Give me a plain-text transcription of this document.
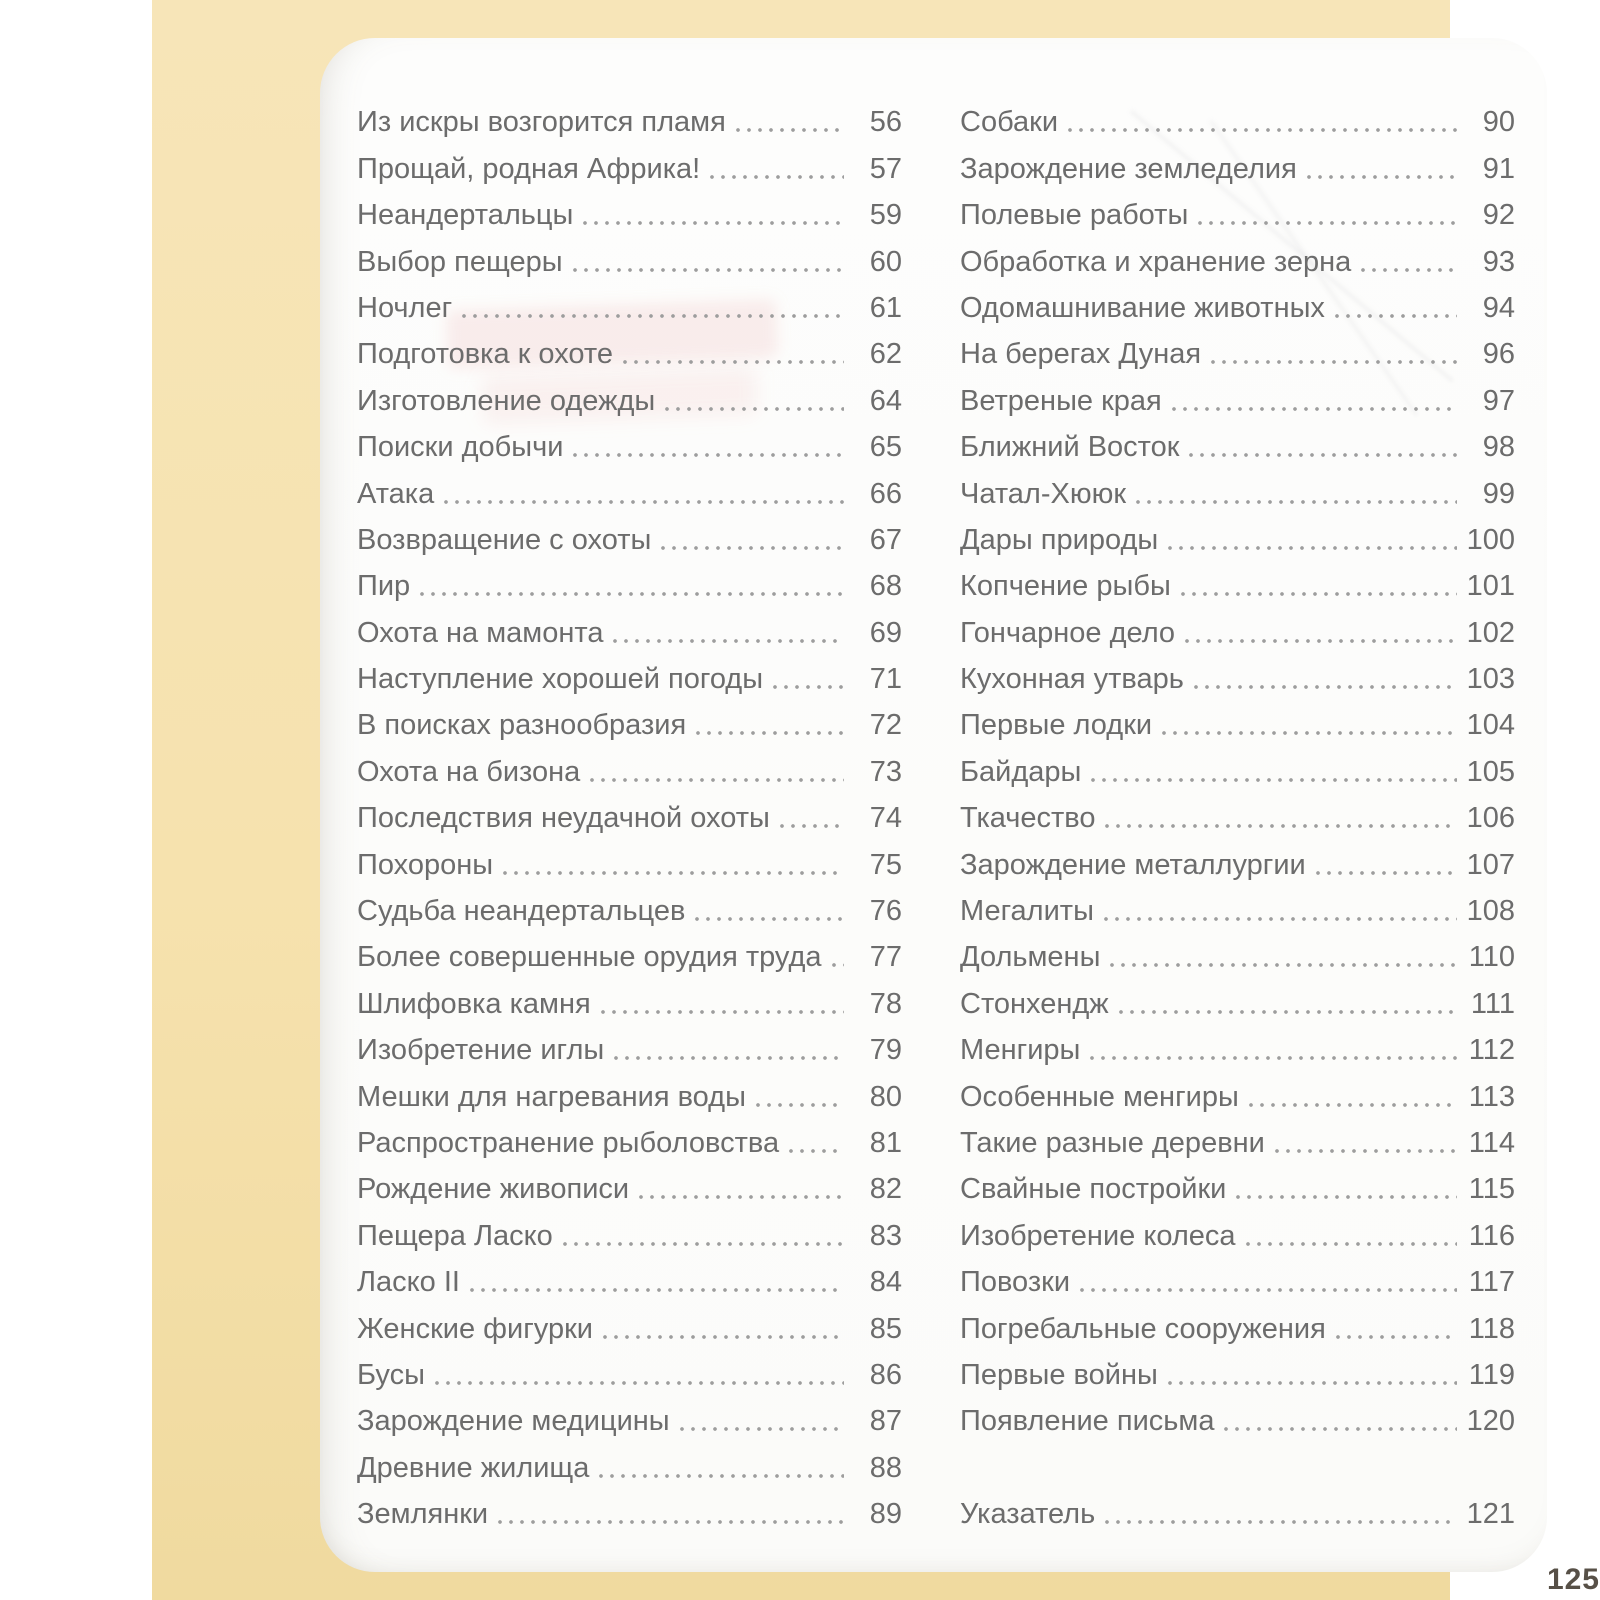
Из искры возгорится пламя	56
Прощай, родная Африка!	57
Неандертальцы	59
Выбор пещеры	60
Ночлег	61
Подготовка к охоте	62
Изготовление одежды	64
Поиски добычи	65
Атака	66
Возвращение с охоты	67
Пир	68
Охота на мамонта	69
Наступление хорошей погоды	71
В поисках разнообразия	72
Охота на бизона	73
Последствия неудачной охоты	74
Похороны	75
Судьба неандертальцев	76
Более совершенные орудия труда	77
Шлифовка камня	78
Изобретение иглы	79
Мешки для нагревания воды	80
Распространение рыболовства	81
Рождение живописи	82
Пещера Ласко	83
Ласко II	84
Женские фигурки	85
Бусы	86
Зарождение медицины	87
Древние жилища	88
Землянки	89
Собаки	90
Зарождение земледелия	91
Полевые работы	92
Обработка и хранение зерна	93
Одомашнивание животных	94
На берегах Дуная	96
Ветреные края	97
Ближний Восток	98
Чатал-Хююк	99
Дары природы	100
Копчение рыбы	101
Гончарное дело	102
Кухонная утварь	103
Первые лодки	104
Байдары	105
Ткачество	106
Зарождение металлургии	107
Мегалиты	108
Дольмены	110
Стонхендж	111
Менгиры	112
Особенные менгиры	113
Такие разные деревни	114
Свайные постройки	115
Изобретение колеса	116
Повозки	117
Погребальные сооружения	118
Первые войны	119
Появление письма	120
Указатель	121
125
